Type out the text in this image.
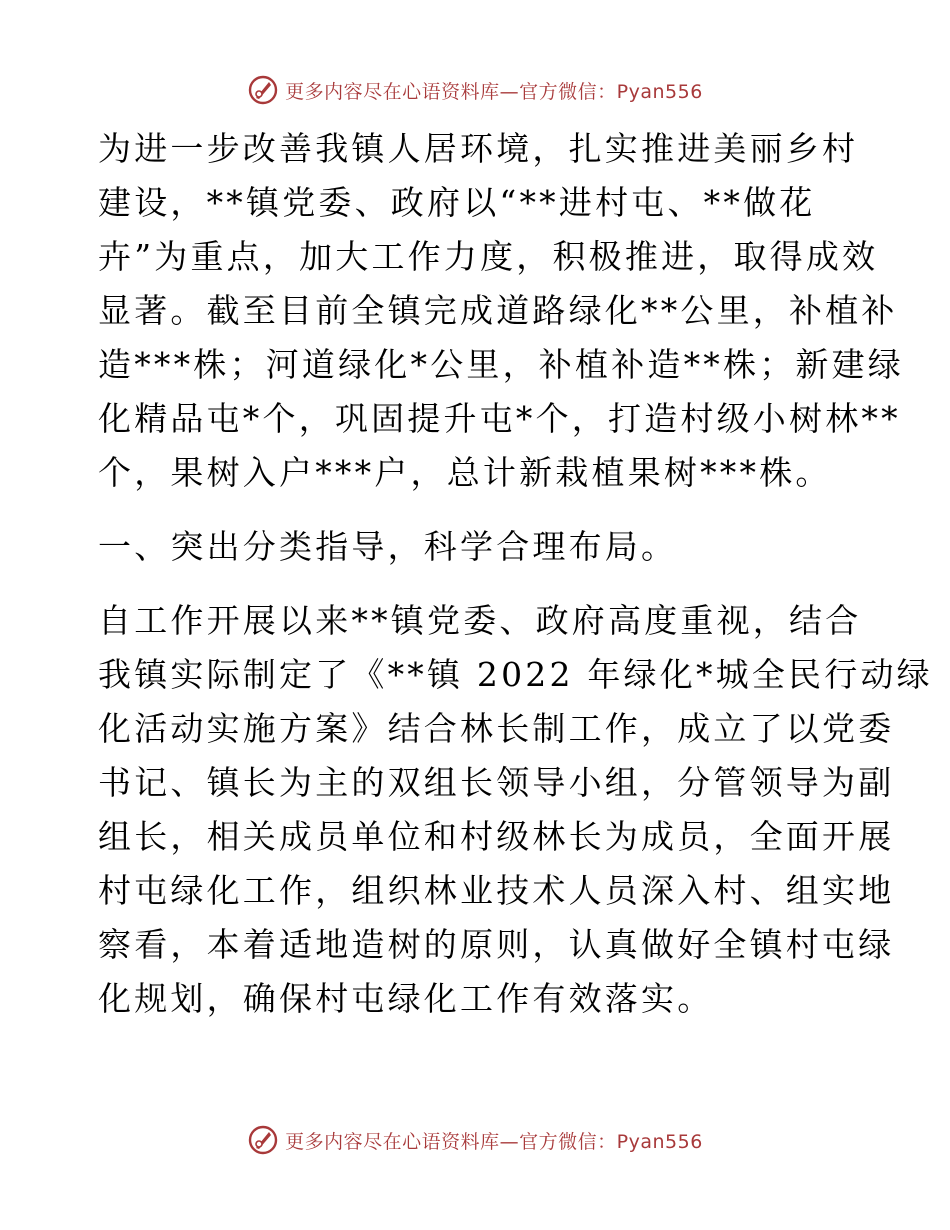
更多内容尽在心语资料库—官方微信：Pyan556
为进一步改善我镇人居环境，扎实推进美丽乡村
建设，**镇党委、政府以“**进村屯、**做花
卉”为重点，加大工作力度，积极推进，取得成效
显著。截至目前全镇完成道路绿化**公里，补植补
造***株；河道绿化*公里，补植补造**株；新建绿
化精品屯*个，巩固提升屯*个，打造村级小树林**
个，果树入户***户，总计新栽植果树***株。
一、突出分类指导，科学合理布局。
自工作开展以来**镇党委、政府高度重视，结合
我镇实际制定了《**镇 2022 年绿化*城全民行动绿
化活动实施方案》结合林长制工作，成立了以党委
书记、镇长为主的双组长领导小组，分管领导为副
组长，相关成员单位和村级林长为成员，全面开展
村屯绿化工作，组织林业技术人员深入村、组实地
察看，本着适地造树的原则，认真做好全镇村屯绿
化规划，确保村屯绿化工作有效落实。
更多内容尽在心语资料库—官方微信：Pyan556
